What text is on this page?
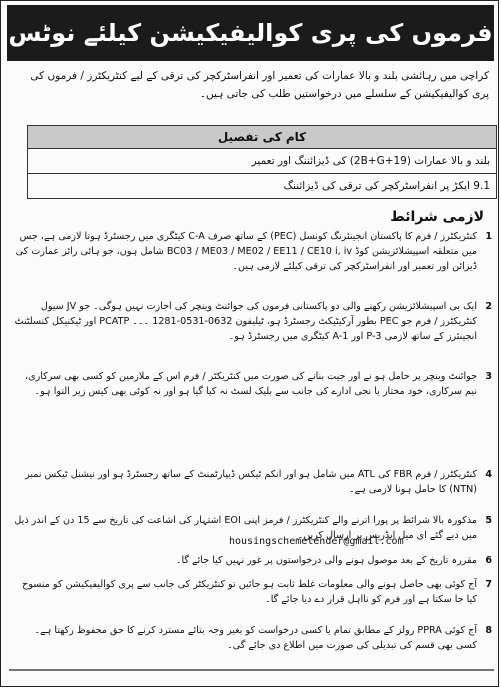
فرموں کی پری کوالیفیکیشن کیلئے نوٹس
کراچی میں رہائشی بلند و بالا عمارات کی تعمیر اور انفراسٹرکچر کی ترقی کے لیے کنٹریکٹرز / فرموں کی پری کوالیفیکیشن کے سلسلے میں درخواستیں طلب کی جاتی ہیں۔
کام کی تفصیل
بلند و بالا عمارات (2B+G+19) کی ڈیزائننگ اور تعمیر
9.1 ایکڑ پر انفراسٹرکچر کی ترقی کی ڈیزائننگ
لازمی شرائط
1
کنٹریکٹرز / فرم کا پاکستان انجینئرنگ کونسل (PEC) کے ساتھ صرف C-A کیٹگری میں رجسٹرڈ ہونا لازمی ہے، جس میں متعلقہ اسپیشلائزیشن کوڈ BC03 / ME03 / ME02 / EE11 / CE10 i, iv شامل ہوں، جو ہائی رائز عمارت کی ڈیزائن اور تعمیر اور انفراسٹرکچر کی ترقی کیلئے لازمی ہیں۔
2
ایک بی اسپیشلائزیشن رکھنے والی دو پاکستانی فرموں کی جوائنٹ وینچر کی اجازت نہیں ہوگی۔ جو JV سیول کنٹریکٹرز / فرم جو PEC بطور آرکیٹیکٹ رجسٹرڈ ہو، ٹیلیفون 0632-0531-1281 ۔۔۔ PCATP اور ٹیکنیکل کنسلٹنٹ انجینئرز کے ساتھ لازمی P-3 اور A-1 کیٹگری میں رجسٹرڈ ہو۔
3
جوائنٹ وینچر پر حامل ہو نے اور جیت بنانے کی صورت میں کنٹریکٹر / فرم اس کے ملازمین کو کسی بھی سرکاری، نیم سرکاری، خود مختار یا نجی ادارے کی جانب سے بلیک لسٹ نہ کیا گیا ہو اور نہ کوئی بھی کیس زیر التوا ہو۔
4
کنٹریکٹرز / فرم FBR کی ATL میں شامل ہو اور انکم ٹیکس ڈیپارٹمنٹ کے ساتھ رجسٹرڈ ہو اور نیشنل ٹیکس نمبر (NTN) کا حامل ہونا لازمی ہے۔
5
مذکورہ بالا شرائط پر پورا اترنے والے کنٹریکٹرز / فرمز اپنی EOI اشتہار کی اشاعت کی تاریخ سے 15 دن کے اندر ذیل میں دیے گئے ای میل ایڈریس پر ارسال کریں۔
6
مقررہ تاریخ کے بعد موصول ہونے والی درخواستوں پر غور نہیں کیا جائے گا۔
7
آج کوئی بھی حاصل ہونے والی معلومات غلط ثابت ہو جائیں تو کنٹریکٹر کی جانب سے پری کوالیفیکیشن کو منسوخ کیا جا سکتا ہے اور فرم کو نااہل قرار دے دیا جائے گا۔
8
آج کوئی PPRA رولز کے مطابق تمام یا کسی درخواست کو بغیر وجہ بتائے مسترد کرنے کا حق محفوظ رکھتا ہے۔ کسی بھی قسم کی تبدیلی کی صورت میں اطلاع دی جائے گی۔
housingschemetender@gmail.com
